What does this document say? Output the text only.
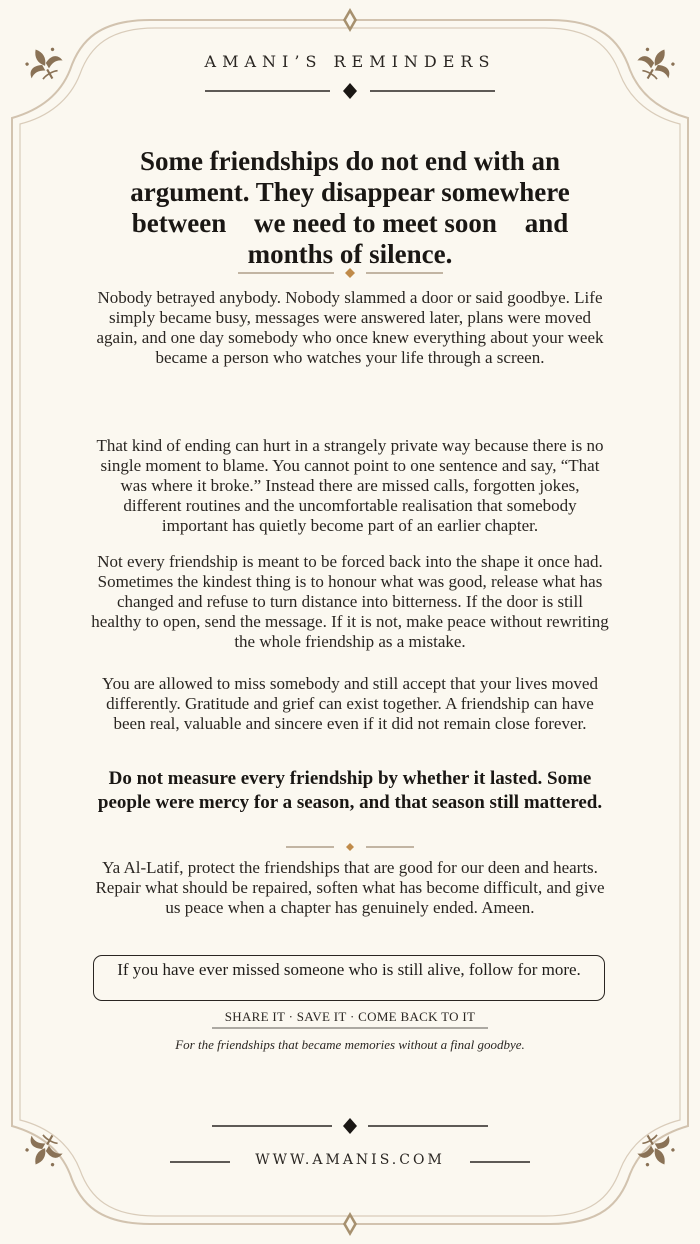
AMANI’S REMINDERS
Some friendships do not end with an argument. They disappear somewhere between  we need to meet soon  and months of silence.
Nobody betrayed anybody. Nobody slammed a door or said goodbye. Life simply became busy, messages were answered later, plans were moved again, and one day somebody who once knew everything about your week became a person who watches your life through a screen.
That kind of ending can hurt in a strangely private way because there is no single moment to blame. You cannot point to one sentence and say, “That was where it broke.” Instead there are missed calls, forgotten jokes, different routines and the uncomfortable realisation that somebody important has quietly become part of an earlier chapter.
Not every friendship is meant to be forced back into the shape it once had. Sometimes the kindest thing is to honour what was good, release what has changed and refuse to turn distance into bitterness. If the door is still healthy to open, send the message. If it is not, make peace without rewriting the whole friendship as a mistake.
You are allowed to miss somebody and still accept that your lives moved differently. Gratitude and grief can exist together. A friendship can have been real, valuable and sincere even if it did not remain close forever.
Do not measure every friendship by whether it lasted. Some people were mercy for a season, and that season still mattered.
Ya Al-Latif, protect the friendships that are good for our deen and hearts. Repair what should be repaired, soften what has become difficult, and give us peace when a chapter has genuinely ended. Ameen.
If you have ever missed someone who is still alive, follow for more.
SHARE IT · SAVE IT · COME BACK TO IT
For the friendships that became memories without a final goodbye.
WWW.AMANIS.COM
